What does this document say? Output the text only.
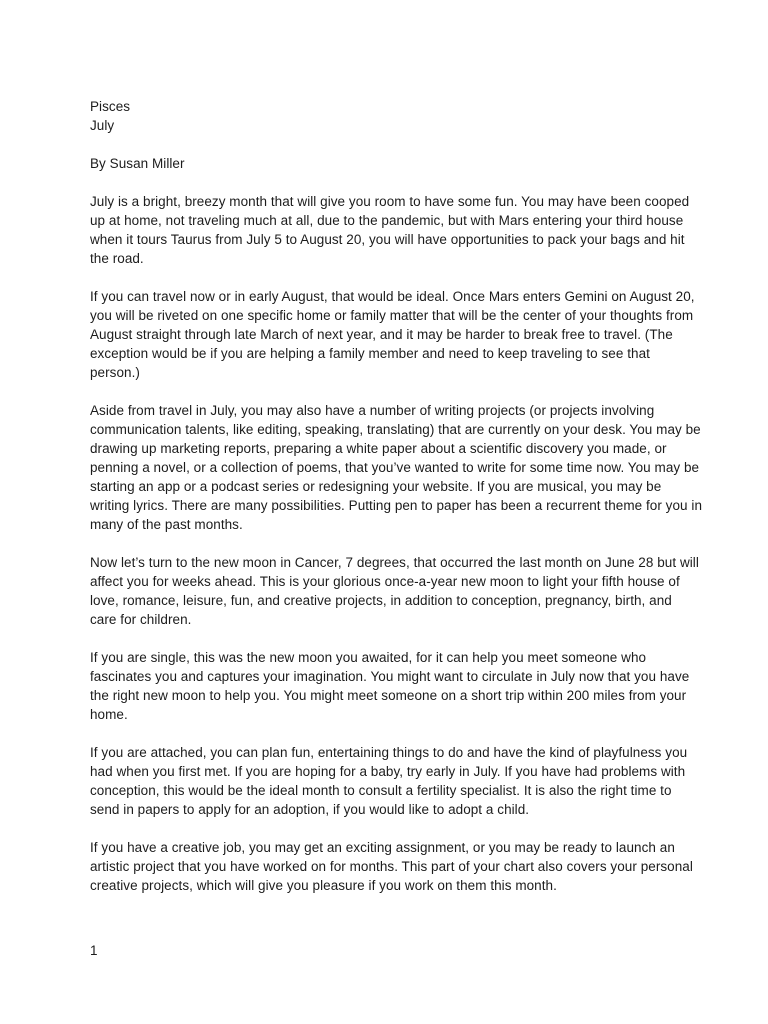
Pisces
July
By Susan Miller

July is a bright, breezy month that will give you room to have some fun. You may have been cooped up at home, not traveling much at all, due to the pandemic, but with Mars entering your third house when it tours Taurus from July 5 to August 20, you will have opportunities to pack your bags and hit the road.

If you can travel now or in early August, that would be ideal. Once Mars enters Gemini on August 20, you will be riveted on one specific home or family matter that will be the center of your thoughts from August straight through late March of next year, and it may be harder to break free to travel. (The exception would be if you are helping a family member and need to keep traveling to see that person.)

Aside from travel in July, you may also have a number of writing projects (or projects involving communication talents, like editing, speaking, translating) that are currently on your desk. You may be drawing up marketing reports, preparing a white paper about a scientific discovery you made, or penning a novel, or a collection of poems, that you’ve wanted to write for some time now. You may be starting an app or a podcast series or redesigning your website. If you are musical, you may be writing lyrics. There are many possibilities. Putting pen to paper has been a recurrent theme for you in many of the past months.

Now let’s turn to the new moon in Cancer, 7 degrees, that occurred the last month on June 28 but will affect you for weeks ahead. This is your glorious once-a-year new moon to light your fifth house of love, romance, leisure, fun, and creative projects, in addition to conception, pregnancy, birth, and care for children.

If you are single, this was the new moon you awaited, for it can help you meet someone who fascinates you and captures your imagination. You might want to circulate in July now that you have the right new moon to help you. You might meet someone on a short trip within 200 miles from your home.

If you are attached, you can plan fun, entertaining things to do and have the kind of playfulness you had when you first met. If you are hoping for a baby, try early in July. If you have had problems with conception, this would be the ideal month to consult a fertility specialist. It is also the right time to send in papers to apply for an adoption, if you would like to adopt a child.

If you have a creative job, you may get an exciting assignment, or you may be ready to launch an artistic project that you have worked on for months. This part of your chart also covers your personal creative projects, which will give you pleasure if you work on them this month.

1
